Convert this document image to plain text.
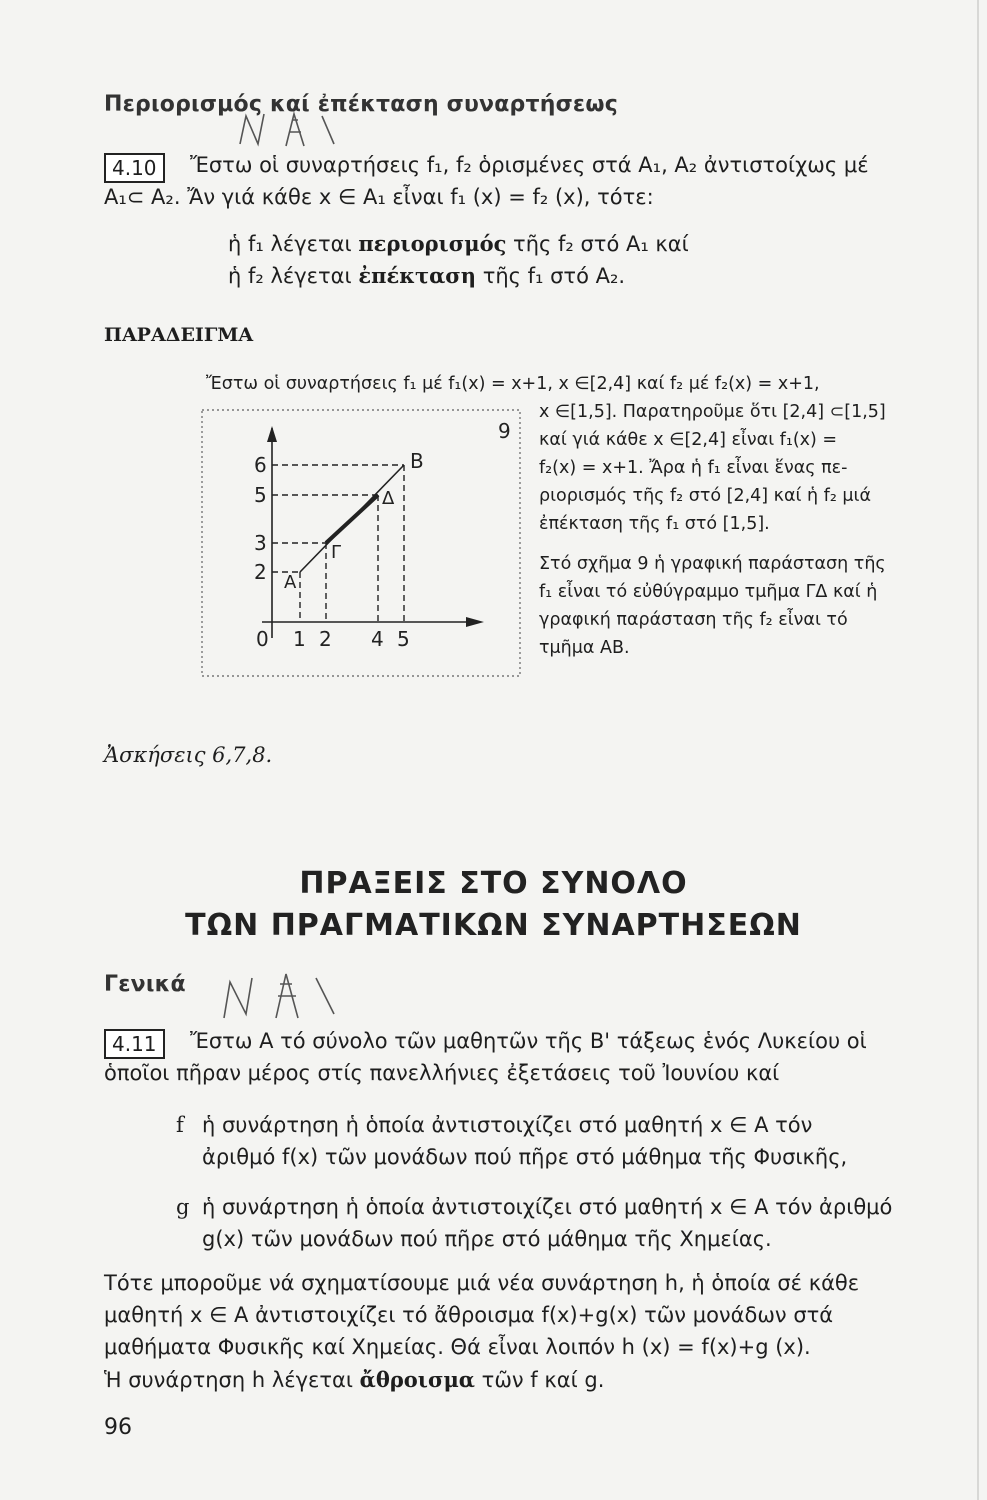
Περιορισμός καί ἐπέκταση συναρτήσεως
4.10	Ἔστω οἱ συναρτήσεις f₁, f₂ ὁρισμένες στά A₁, A₂ ἀντιστοίχως μέ
A₁⊂ A₂. Ἄν γιά κάθε x ∈ A₁ εἶναι f₁ (x) = f₂ (x), τότε:
ἡ f₁ λέγεται περιορισμός τῆς f₂ στό A₁ καί
ἡ f₂ λέγεται ἐπέκταση τῆς f₁ στό A₂.
ΠΑΡΑΔΕΙΓΜΑ
Ἔστω οἱ συναρτήσεις f₁ μέ f₁(x) = x+1, x ∈[2,4] καί f₂ μέ f₂(x) = x+1,
x ∈[1,5]. Παρατηροῦμε ὅτι [2,4] ⊂[1,5]
καί γιά κάθε x ∈[2,4] εἶναι f₁(x) =
f₂(x) = x+1. Ἄρα ἡ f₁ εἶναι ἕνας πε-
ριορισμός τῆς f₂ στό [2,4] καί ἡ f₂ μιά
ἐπέκταση τῆς f₁ στό [1,5].
Στό σχῆμα 9 ἡ γραφική παράσταση τῆς
f₁ εἶναι τό εὐθύγραμμο τμῆμα ΓΔ καί ἡ
γραφική παράσταση τῆς f₂ εἶναι τό
τμῆμα AB.
9
6
5
3
2
0 1 2 4 5
B
Δ
Γ
A
Ἀσκήσεις 6,7,8.
ΠΡΑΞΕΙΣ ΣΤΟ ΣΥΝΟΛΟ
ΤΩΝ ΠΡΑΓΜΑΤΙΚΩΝ ΣΥΝΑΡΤΗΣΕΩΝ
Γενικά
4.11	Ἔστω A τό σύνολο τῶν μαθητῶν τῆς B' τάξεως ἑνός Λυκείου οἱ
ὁποῖοι πῆραν μέρος στίς πανελλήνιες ἐξετάσεις τοῦ Ἰουνίου καί
f ἡ συνάρτηση ἡ ὁποία ἀντιστοιχίζει στό μαθητή x ∈ A τόν
ἀριθμό f(x) τῶν μονάδων πού πῆρε στό μάθημα τῆς Φυσικῆς,
g ἡ συνάρτηση ἡ ὁποία ἀντιστοιχίζει στό μαθητή x ∈ A τόν ἀριθμό
g(x) τῶν μονάδων πού πῆρε στό μάθημα τῆς Χημείας.
Τότε μποροῦμε νά σχηματίσουμε μιά νέα συνάρτηση h, ἡ ὁποία σέ κάθε
μαθητή x ∈ A ἀντιστοιχίζει τό ἄθροισμα f(x)+g(x) τῶν μονάδων στά
μαθήματα Φυσικῆς καί Χημείας. Θά εἶναι λοιπόν h (x) = f(x)+g (x).
Ἡ συνάρτηση h λέγεται ἄθροισμα τῶν f καί g.
96
